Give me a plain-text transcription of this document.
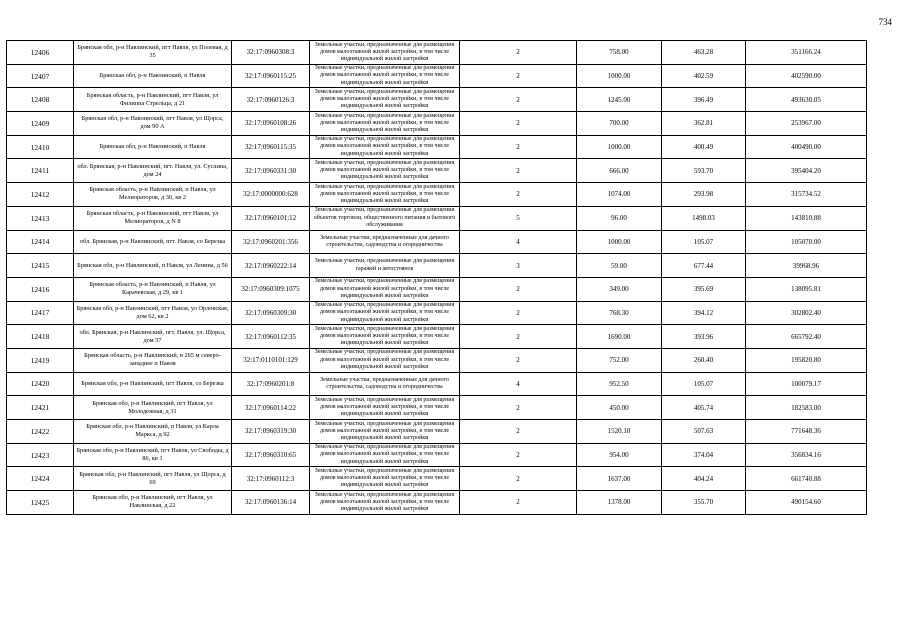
734
12406	Брянская обл, р-н Навлинский, пгт Навля, ул Полевая, д 35	32:17:0960308:3	Земельные участки, предназначенные для размещения домов малоэтажной жилой застройки, в том числе индивидуальной жилой застройки	2	758.00	463.28	351166.24
12407	Брянская обл, р-н Навлинский, п Навля	32:17:0960115:25	Земельные участки, предназначенные для размещения домов малоэтажной жилой застройки, в том числе индивидуальной жилой застройки	2	1000.00	402.59	402590.00
12408	Брянская область, р-н Навлинский, пгт Навля, ул Филиппа Стрельца, д 21	32:17:0960126:3	Земельные участки, предназначенные для размещения домов малоэтажной жилой застройки, в том числе индивидуальной жилой застройки	2	1245.00	396.49	493630.05
12409	Брянская обл, р-н Навлинский, пгт Навля, ул Щорса, дом 90 А	32:17:0960108:26	Земельные участки, предназначенные для размещения домов малоэтажной жилой застройки, в том числе индивидуальной жилой застройки	2	700.00	362.81	253967.00
12410	Брянская обл, р-н Навлинский, п Навля	32:17:0960115:35	Земельные участки, предназначенные для размещения домов малоэтажной жилой застройки, в том числе индивидуальной жилой застройки	2	1000.00	400.49	400490.00
12411	обл. Брянская, р-н Навлинский, пгт. Навля, ул. Суслина, дом 24	32:17:0960331:30	Земельные участки, предназначенные для размещения домов малоэтажной жилой застройки, в том числе индивидуальной жилой застройки	2	666.00	593.70	395404.20
12412	Брянская область, р-н Навлинский, п Навля, ул Мелиораторов, д 30, кв 2	32:17:0000000:628	Земельные участки, предназначенные для размещения домов малоэтажной жилой застройки, в том числе индивидуальной жилой застройки	2	1074.00	293.98	315734.52
12413	Брянская область, р-н Навлинский, пгт Навля, ул Мелиораторов, д N 8	32:17:0960101:12	Земельные участки, предназначенные для размещения объектов торговли, общественного питания и бытового обслуживания	5	96.00	1498.03	143810.88
12414	обл. Брянская, р-н Навлинский, пгт. Навля, со Березка	32:17:0960201:356	Земельные участки, предназначенные для дачного строительства, садоводства и огородничества	4	1000.00	105.07	105070.00
12415	Брянская обл, р-н Навлинский, п Навля, ул Ленина, д 56	32:17:0960222:14	Земельные участки, предназначенные для размещения гаражей и автостоянок	3	59.00	677.44	39968.96
12416	Брянская область, р-н Навлинский, п Навля, ул Карачевская, д 29, кв 1	32:17:0960309:1075	Земельные участки, предназначенные для размещения домов малоэтажной жилой застройки, в том числе индивидуальной жилой застройки	2	349.00	395.69	138095.81
12417	Брянская обл, р-н Навлинский, пгт Навля, ул Орловская, дом 62, кв 2	32:17:0960309:30	Земельные участки, предназначенные для размещения домов малоэтажной жилой застройки, в том числе индивидуальной жилой застройки	2	768.30	394.12	302802.40
12418	обл. Брянская, р-н Навлинский, пгт. Навля, ул. Щорса, дом 57	32:17:0960112:35	Земельные участки, предназначенные для размещения домов малоэтажной жилой застройки, в том числе индивидуальной жилой застройки	2	1690.00	393.96	665792.40
12419	Брянская область, р-н Навлинский, в 265 м северо-западнее п Навля	32:17:0110101:129	Земельные участки, предназначенные для размещения домов малоэтажной жилой застройки, в том числе индивидуальной жилой застройки	2	752.00	260.40	195820.80
12420	Брянская обл, р-н Навлинский, пгт Навля, со Березка	32:17:0960201:8	Земельные участки, предназначенные для дачного строительства, садоводства и огородничества	4	952.50	105.07	100079.17
12421	Брянская обл, р-н Навлинский, пгт Навля, ул Молодежная, д 31	32:17:0960114:22	Земельные участки, предназначенные для размещения домов малоэтажной жилой застройки, в том числе индивидуальной жилой застройки	2	450.00	405.74	182583.00
12422	Брянская обл, р-н Навлинский, п Навля, ул Карла Маркса, д 92	32:17:0960319:30	Земельные участки, предназначенные для размещения домов малоэтажной жилой застройки, в том числе индивидуальной жилой застройки	2	1520.10	507.63	771648.36
12423	Брянская обл, р-н Навлинский, пгт Навля, ул Свободы, д 86, кв 1	32:17:0960310:65	Земельные участки, предназначенные для размещения домов малоэтажной жилой застройки, в том числе индивидуальной жилой застройки	2	954.00	374.04	356834.16
12424	Брянская обл, р-н Навлинский, пгт Навля, ул Щорса, д 69	32:17:0960112:3	Земельные участки, предназначенные для размещения домов малоэтажной жилой застройки, в том числе индивидуальной жилой застройки	2	1637.00	404.24	661740.88
12425	Брянская обл, р-н Навлинский, пгт Навля, ул Навлинская, д 22	32:17:0960136:14	Земельные участки, предназначенные для размещения домов малоэтажной жилой застройки, в том числе индивидуальной жилой застройки	2	1378.00	355.70	490154.60
